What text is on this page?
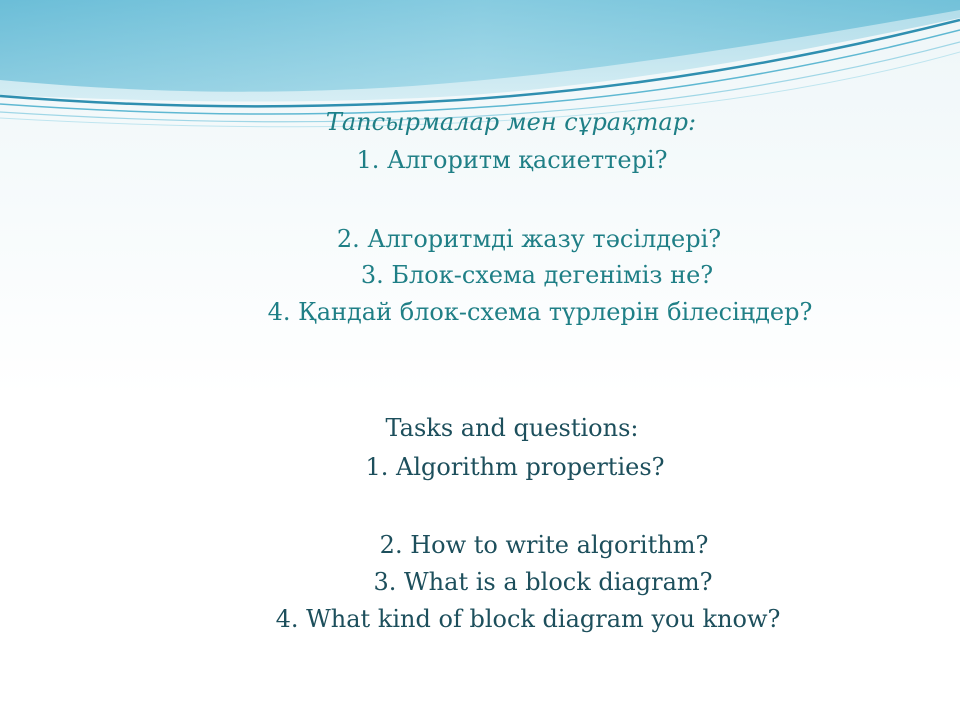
Тапсырмалар мен сұрақтар:
1. Алгоритм қасиеттері?
2. Алгоритмді жазу тәсілдері?
3. Блок-схема дегеніміз не?
4. Қандай блок-схема түрлерін білесіңдер?
Tasks and questions:
1. Algorithm properties?
2. How to write algorithm?
3. What is a block diagram?
4. What kind of block diagram you know?
